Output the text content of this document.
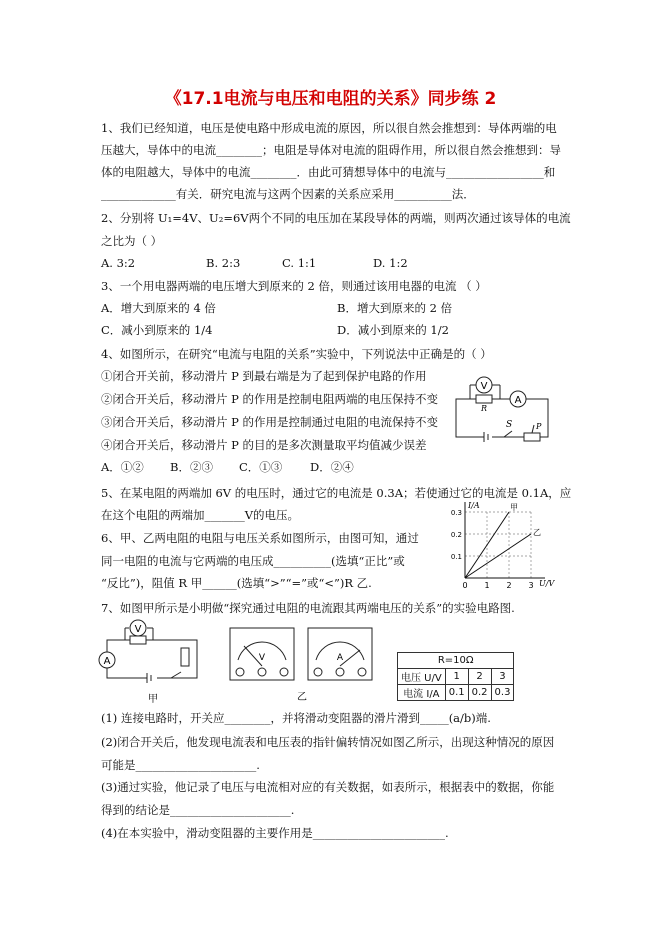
《17.1电流与电压和电阻的关系》同步练 2
1、我们已经知道，电压是使电路中形成电流的原因，所以很自然会推想到：导体两端的电
压越大，导体中的电流________；电阻是导体对电流的阻碍作用，所以很自然会推想到：导
体的电阻越大，导体中的电流________．由此可猜想导体中的电流与_________________和
_____________有关．研究电流与这两个因素的关系应采用__________法．
2、分别将 U₁=4V、U₂=6V两个不同的电压加在某段导体的两端，则两次通过该导体的电流
之比为（ ）
A. 3:2	B. 2:3	C. 1:1	D. 1:2
3、一个用电器两端的电压增大到原来的 2 倍，则通过该用电器的电流 （ ）
A．增大到原来的 4 倍	B．增大到原来的 2 倍
C．减小到原来的 1/4	D．减小到原来的 1/2
4、如图所示，在研究“电流与电阻的关系”实验中，下列说法中正确是的（ ）
①闭合开关前，移动滑片 P 到最右端是为了起到保护电路的作用
②闭合开关后，移动滑片 P 的作用是控制电阻两端的电压保持不变
③闭合开关后，移动滑片 P 的作用是控制通过电阻的电流保持不变
④闭合开关后，移动滑片 P 的目的是多次测量取平均值减少误差
A．①② B．②③ C．①③ D．②④
V
A
R
S	P
5、在某电阻的两端加 6V 的电压时，通过它的电流是 0.3A；若使通过它的电流是 0.1A，应
在这个电阻的两端加_______V的电压。
6、甲、乙两电阻的电阻与电压关系如图所示，由图可知，通过
同一电阻的电流与它两端的电压成__________(选填“正比”或
“反比”)，阻值 R 甲______(选填“>”“=”或“<”)R 乙.	U/V
I/A
0 1 2 3
0.1
0.2
0.3
甲
乙
7、如图甲所示是小明做“探究通过电阻的电流跟其两端电压的关系”的实验电路图.
V
A
甲
V	A
乙
R=10Ω			
电压 U/V	1	2	3
电流 I/A	0.1	0.2	0.3
(1) 连接电路时，开关应________，并将滑动变阻器的滑片滑到_____(a/b)端.
(2)闭合开关后，他发现电流表和电压表的指针偏转情况如图乙所示，出现这种情况的原因
可能是_____________________.
(3)通过实验，他记录了电压与电流相对应的有关数据，如表所示，根据表中的数据，你能
得到的结论是_____________________.
(4)在本实验中，滑动变阻器的主要作用是_______________________.
